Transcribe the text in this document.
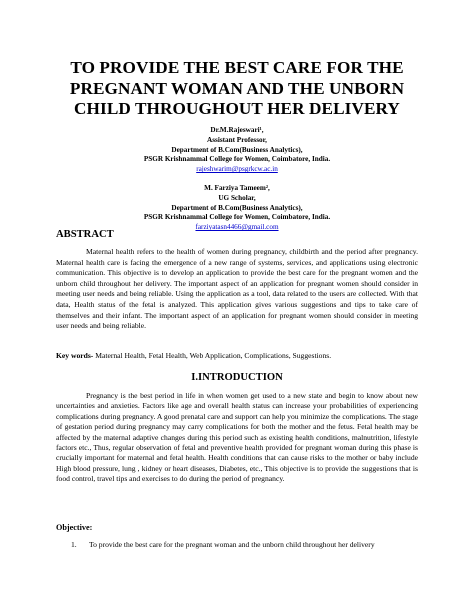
TO PROVIDE THE BEST CARE FOR THE PREGNANT WOMAN AND THE UNBORN CHILD THROUGHOUT HER DELIVERY
Dr.M.Rajeswari¹,
Assistant Professor,
Department of B.Com(Business Analytics),
PSGR Krishnammal College for Women, Coimbatore, India.
rajeshwarim@psgrkcw.ac.in
M. Farziya Tameem²,
UG Scholar,
Department of B.Com(Business Analytics),
PSGR Krishnammal College for Women, Coimbatore, India.
farziyatasn4466@gmail.com
ABSTRACT
Maternal health refers to the health of women during pregnancy, childbirth and the period after pregnancy. Maternal health care is facing the emergence of a new range of systems, services, and applications using electronic communication. This objective is to develop an application to provide the best care for the pregnant women and the unborn child throughout her delivery. The important aspect of an application for pregnant women should consider in meeting user needs and being reliable. Using the application as a tool, data related to the users are collected. With that data, Health status of the fetal is analyzed. This application gives various suggestions and tips to take care of themselves and their infant. The important aspect of an application for pregnant women should consider in meeting user needs and being reliable.
Key words- Maternal Health, Fetal Health, Web Application, Complications, Suggestions.
I.INTRODUCTION
Pregnancy is the best period in life in when women get used to a new state and begin to know about new uncertainties and anxieties. Factors like age and overall health status can increase your probabilities of experiencing complications during pregnancy. A good prenatal care and support can help you minimize the complications. The stage of gestation period during pregnancy may carry complications for both the mother and the fetus. Fetal health may be affected by the maternal adaptive changes during this period such as existing health conditions, malnutrition, lifestyle factors etc., Thus, regular observation of fetal and preventive health provided for pregnant woman during this phase is crucially important for maternal and fetal health. Health conditions that can cause risks to the mother or baby include High blood pressure, lung , kidney or heart diseases, Diabetes, etc., This objective is to provide the suggestions that is food control, travel tips and exercises to do during the period of pregnancy.
Objective:
1.	To provide the best care for the pregnant woman and the unborn child throughout her delivery
